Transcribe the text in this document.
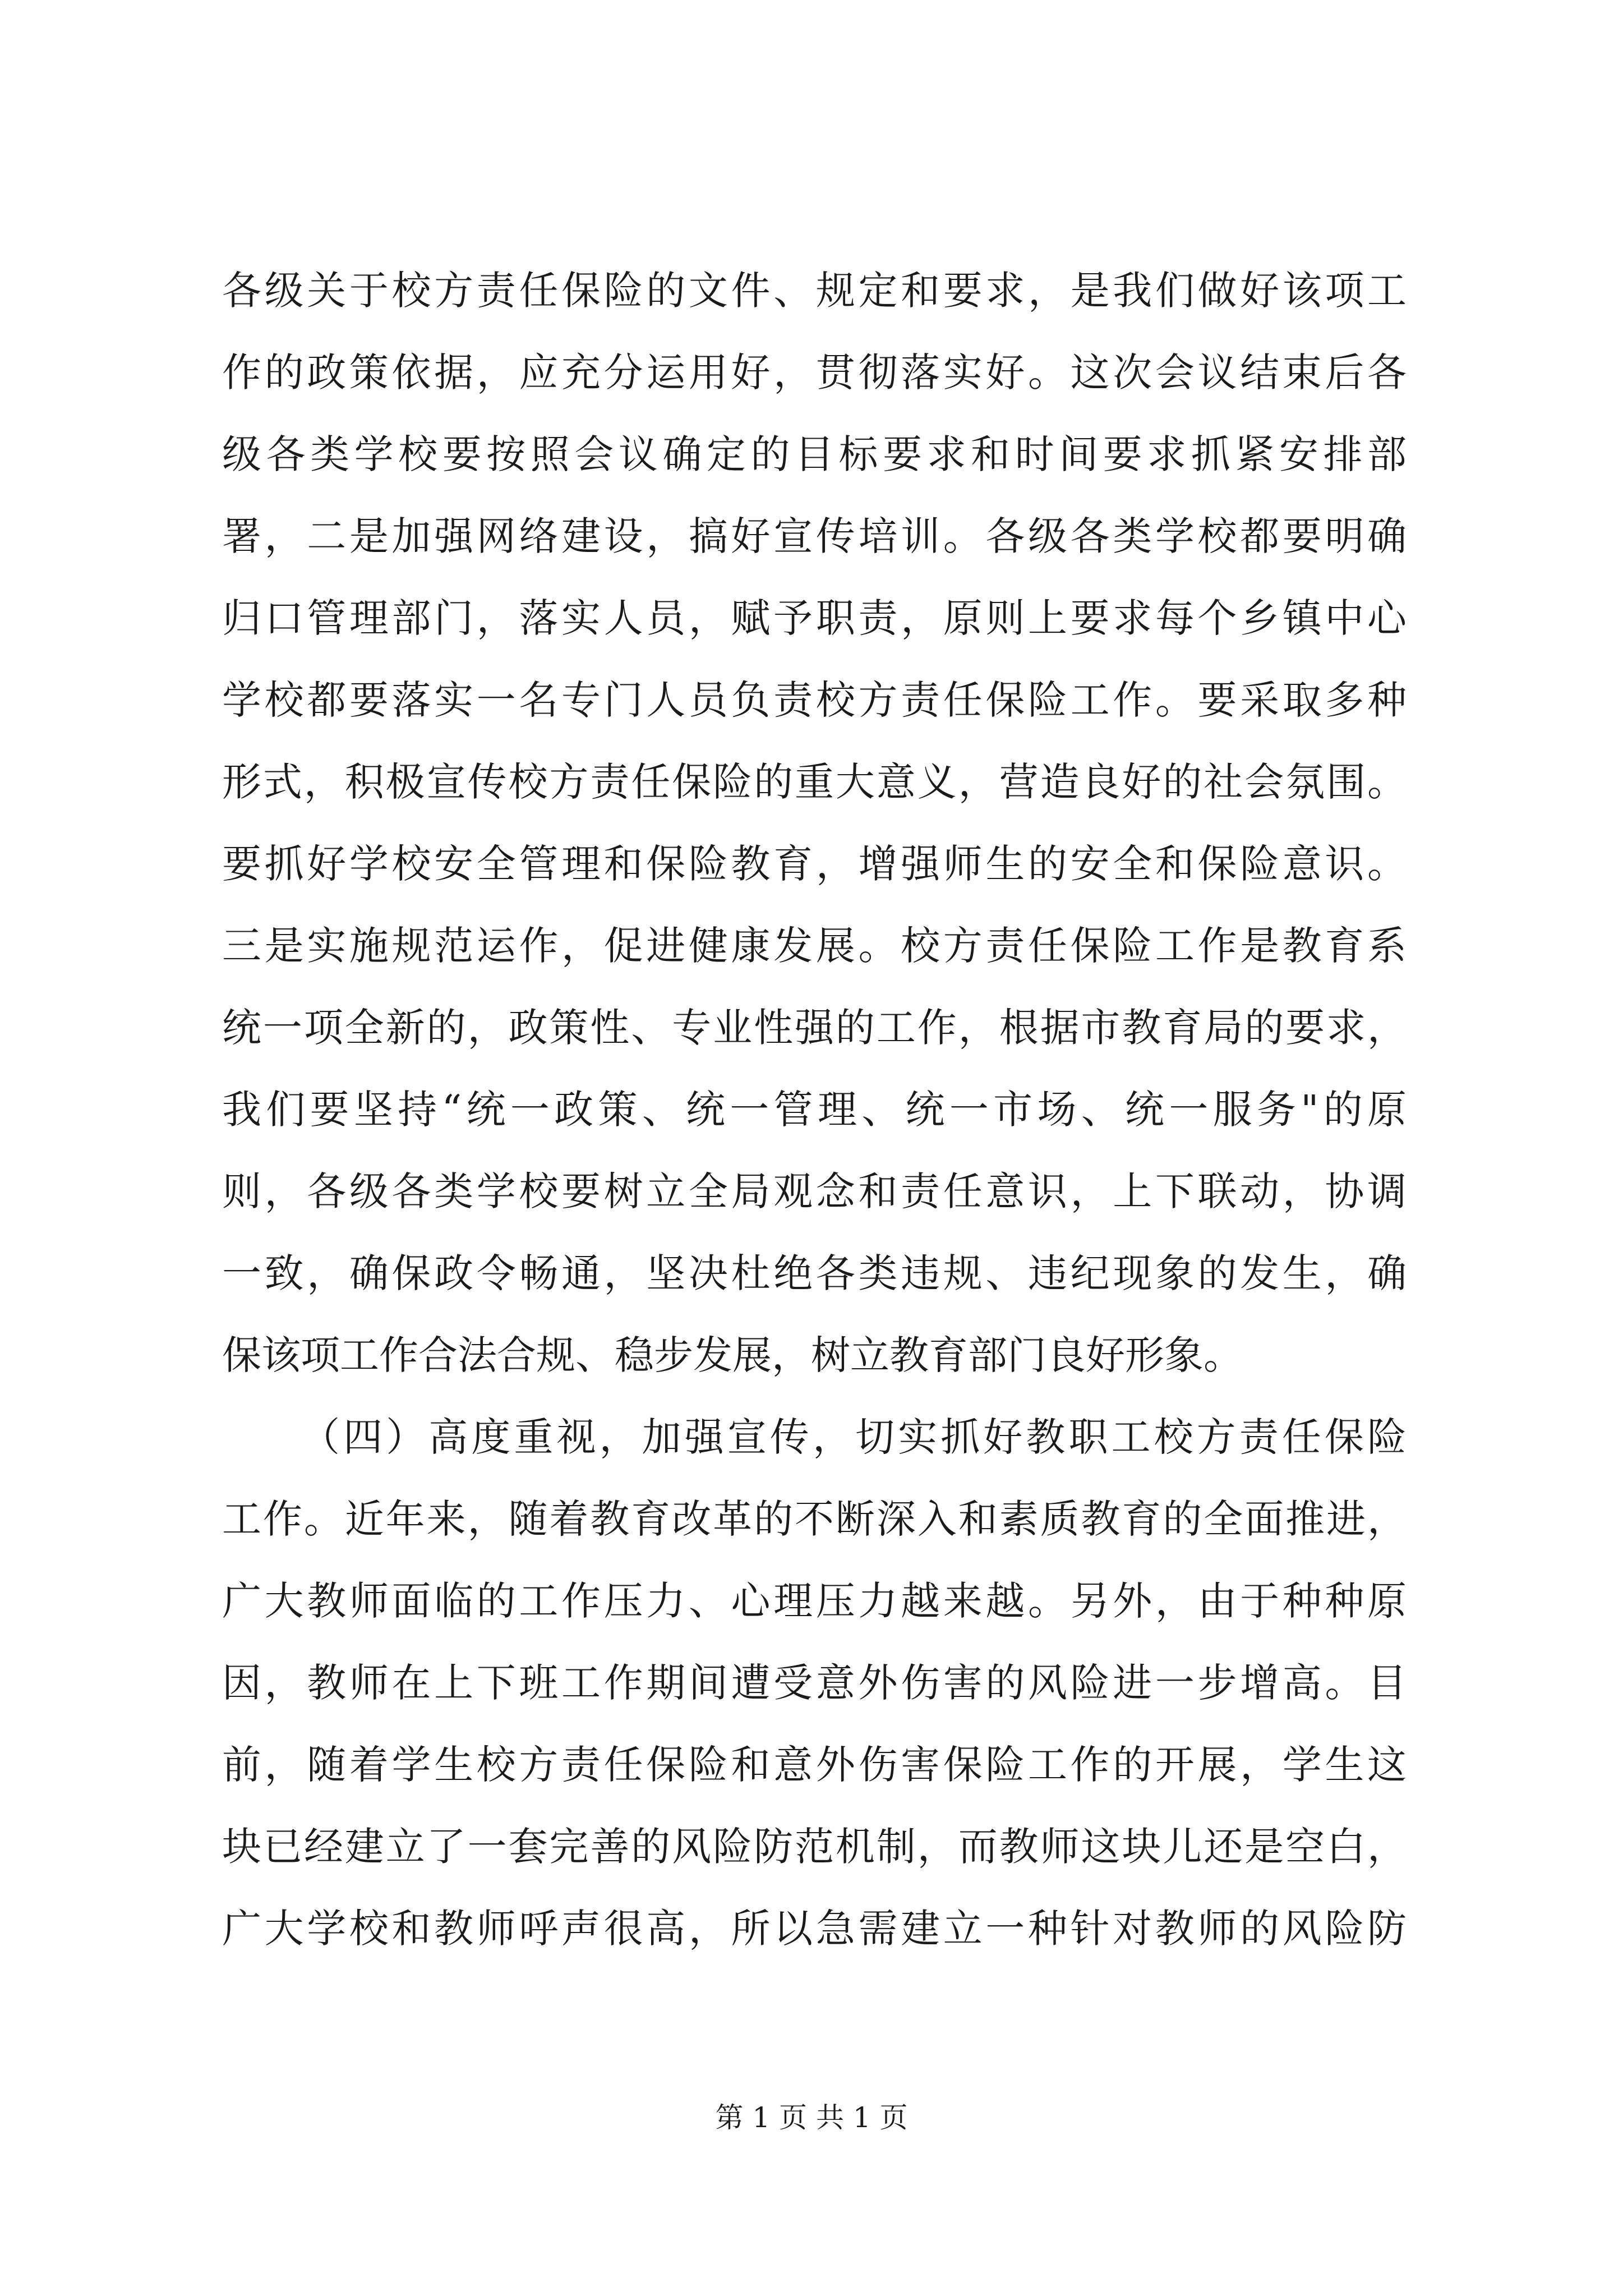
各级关于校方责任保险的文件、规定和要求，是我们做好该项工
作的政策依据，应充分运用好，贯彻落实好。这次会议结束后各
级各类学校要按照会议确定的目标要求和时间要求抓紧安排部
署，二是加强网络建设，搞好宣传培训。各级各类学校都要明确
归口管理部门，落实人员，赋予职责，原则上要求每个乡镇中心
学校都要落实一名专门人员负责校方责任保险工作。要采取多种
形式，积极宣传校方责任保险的重大意义，营造良好的社会氛围。
要抓好学校安全管理和保险教育，增强师生的安全和保险意识。
三是实施规范运作，促进健康发展。校方责任保险工作是教育系
统一项全新的，政策性、专业性强的工作，根据市教育局的要求，
我们要坚持“统一政策、统一管理、统一市场、统一服务"的原
则，各级各类学校要树立全局观念和责任意识，上下联动，协调
一致，确保政令畅通，坚决杜绝各类违规、违纪现象的发生，确
保该项工作合法合规、稳步发展，树立教育部门良好形象。
（四）高度重视，加强宣传，切实抓好教职工校方责任保险
工作。近年来，随着教育改革的不断深入和素质教育的全面推进，
广大教师面临的工作压力、心理压力越来越。另外，由于种种原
因，教师在上下班工作期间遭受意外伤害的风险进一步增高。目
前，随着学生校方责任保险和意外伤害保险工作的开展，学生这
块已经建立了一套完善的风险防范机制，而教师这块儿还是空白，
广大学校和教师呼声很高，所以急需建立一种针对教师的风险防
第 1 页 共 1 页
